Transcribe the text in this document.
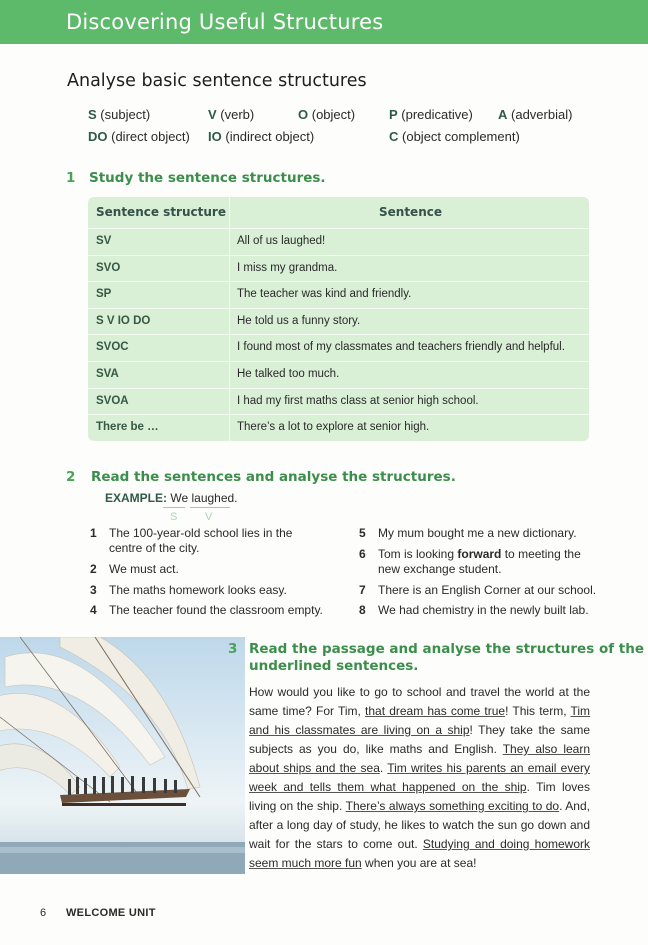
Discovering Useful Structures
Analyse basic sentence structures
S (subject)	V (verb)	O (object)	P (predicative) A (adverbial)
DO (direct object) IO (indirect object)	C (object complement)
1 Study the sentence structures.
Sentence structure	Sentence
SV	All of us laughed!
SVO	I miss my grandma.
SP	The teacher was kind and friendly.
S V IO DO	He told us a funny story.
SVOC	I found most of my classmates and teachers friendly and helpful.
SVA	He talked too much.
SVOA	I had my first maths class at senior high school.
There be …	There’s a lot to explore at senior high.
2 Read the sentences and analyse the structures.
EXAMPLE: We laughed.
S	V
1 The 100-year-old school lies in the centre of the city.
2 We must act.
3 The maths homework looks easy.
4 The teacher found the classroom empty.
5 My mum bought me a new dictionary.
6 Tom is looking forward to meeting the new exchange student.
7 There is an English Corner at our school.
8 We had chemistry in the newly built lab.
3 Read the passage and analyse the structures of the
underlined sentences.
How would you like to go to school and travel the world at the same time? For Tim, that dream has come true! This term, Tim and his classmates are living on a ship! They take the same subjects as you do, like maths and English. They also learn about ships and the sea. Tim writes his parents an email every week and tells them what happened on the ship. Tim loves living on the ship. There’s always something exciting to do. And, after a long day of study, he likes to watch the sun go down and wait for the stars to come out. Studying and doing homework seem much more fun when you are at sea!
6 WELCOME UNIT
